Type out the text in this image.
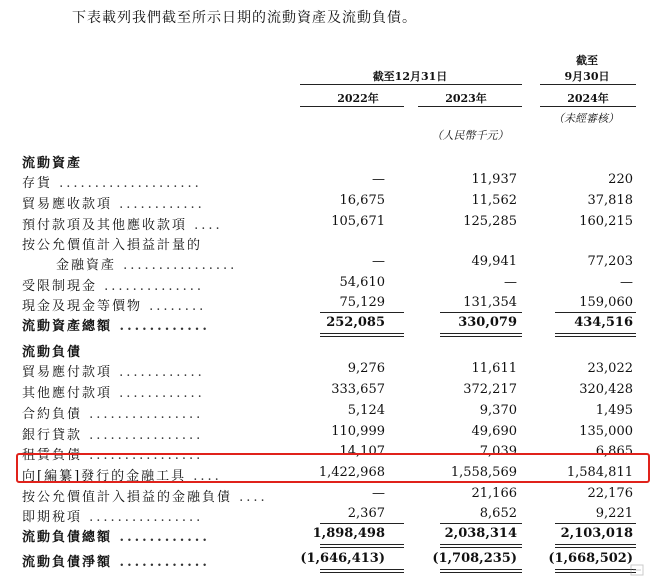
下表載列我們截至所示日期的流動資產及流動負債。
截至
9月30日
截至12月31日
2022年	2023年	2024年
（人民幣千元）
（未經審核）
流動資產
存貨 ....................	—	11,937	220
貿易應收款項 ............	16,675	11,562	37,818
預付款項及其他應收款項 ....	105,671	125,285	160,215
按公允價值計入損益計量的
金融資產 ................	—	49,941	77,203
受限制現金 ..............	54,610	—	—
現金及現金等價物 ........	75,129	131,354	159,060
流動資產總額 ............	252,085	330,079	434,516
流動負債
貿易應付款項 ............	9,276	11,611	23,022
其他應付款項 ............	333,657	372,217	320,428
合約負債 ................	5,124	9,370	1,495
銀行貸款 ................	110,999	49,690	135,000
租賃負債 ................	14,107	7,039	6,865
向[編纂]發行的金融工具 ....	1,422,968	1,558,569	1,584,811
按公允價值計入損益的金融負債 ....	—	21,166	22,176
即期稅項 ................	2,367	8,652	9,221
流動負債總額 ............	1,898,498	2,038,314	2,103,018
流動負債淨額 ............	(1,646,413)	(1,708,235)	(1,668,502)
